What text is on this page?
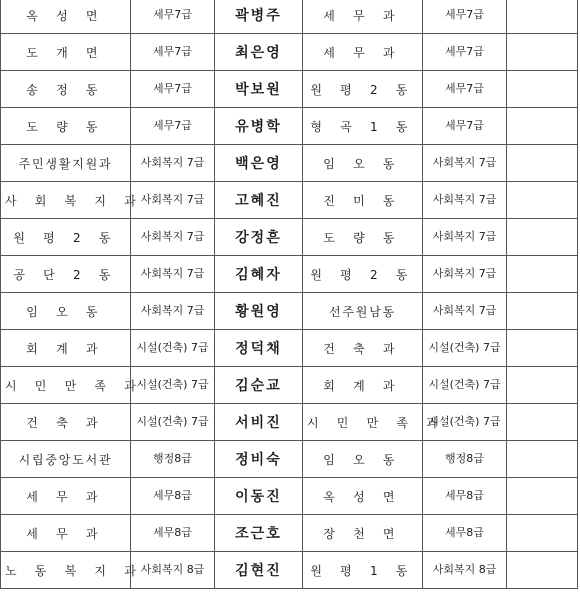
옥 성 면	세무7급	곽병주	세 무 과	세무7급	
도 개 면	세무7급	최은영	세 무 과	세무7급	
송 정 동	세무7급	박보원	원 평 2 동	세무7급	
도 량 동	세무7급	유병학	형 곡 1 동	세무7급	
주민생활지원과	사회복지 7급	백은영	임 오 동	사회복지 7급	
사 회 복 지 과	사회복지 7급	고혜진	진 미 동	사회복지 7급	
원 평 2 동	사회복지 7급	강정흔	도 량 동	사회복지 7급	
공 단 2 동	사회복지 7급	김혜자	원 평 2 동	사회복지 7급	
임 오 동	사회복지 7급	황원영	선주원남동	사회복지 7급	
회 계 과	시설(건축) 7급	정덕채	건 축 과	시설(건축) 7급	
시 민 만 족 과	시설(건축) 7급	김순교	회 계 과	시설(건축) 7급	
건 축 과	시설(건축) 7급	서비진	시 민 만 족 과	시설(건축) 7급	
시립중앙도서관	행정8급	정비숙	임 오 동	행정8급	
세 무 과	세무8급	이동진	옥 성 면	세무8급	
세 무 과	세무8급	조근호	장 천 면	세무8급	
노 동 복 지 과	사회복지 8급	김현진	원 평 1 동	사회복지 8급	
